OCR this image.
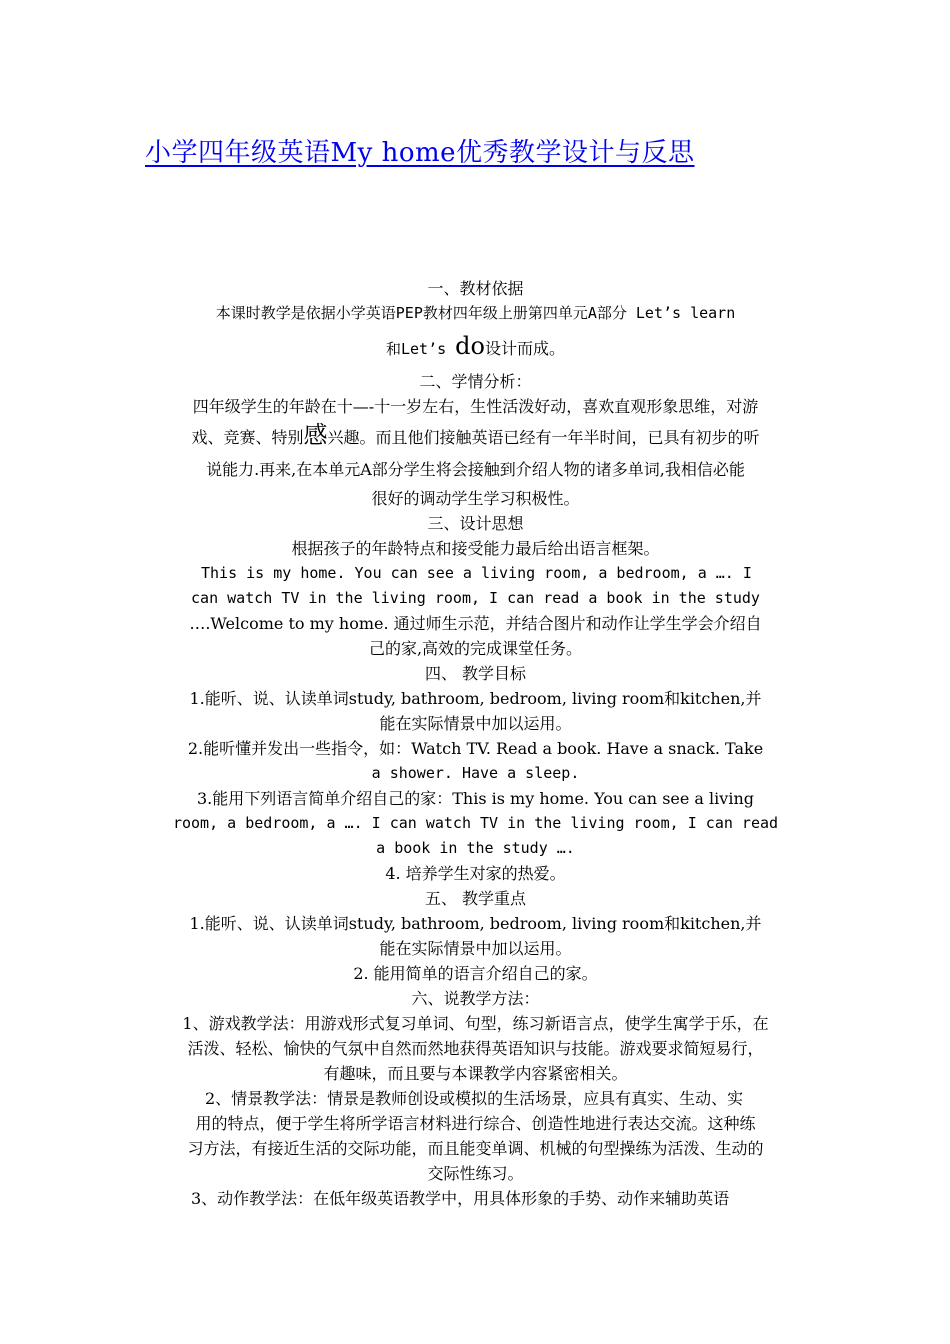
小学四年级英语My home优秀教学设计与反思

一、教材依据

本课时教学是依据小学英语PEP教材四年级上册第四单元A部分 Let’s learn

和Let’s do设计而成。

二、学情分析：

四年级学生的年龄在十—-十一岁左右，生性活泼好动，喜欢直观形象思维，对游

戏、竞赛、特别感兴趣。而且他们接触英语已经有一年半时间，已具有初步的听

说能力.再来,在本单元A部分学生将会接触到介绍人物的诸多单词,我相信必能

很好的调动学生学习积极性。

三、设计思想

根据孩子的年龄特点和接受能力最后给出语言框架。

This is my home. You can see a living room, a bedroom, a …. I

can watch TV in the living room, I can read a book in the study

….Welcome to my home. 通过师生示范，并结合图片和动作让学生学会介绍自

己的家,高效的完成课堂任务。

四、 教学目标

1.能听、说、认读单词study, bathroom, bedroom, living room和kitchen,并

能在实际情景中加以运用。

2.能听懂并发出一些指令，如：Watch TV. Read a book. Have a snack. Take

a shower. Have a sleep.

3.能用下列语言简单介绍自己的家：This is my home. You can see a living

room, a bedroom, a …. I can watch TV in the living room, I can read

a book in the study ….

4. 培养学生对家的热爱。

五、 教学重点

1.能听、说、认读单词study, bathroom, bedroom, living room和kitchen,并

能在实际情景中加以运用。

2. 能用简单的语言介绍自己的家。

六、说教学方法：

1、游戏教学法：用游戏形式复习单词、句型，练习新语言点，使学生寓学于乐，在

活泼、轻松、愉快的气氛中自然而然地获得英语知识与技能。游戏要求简短易行，

有趣味，而且要与本课教学内容紧密相关。

2、情景教学法：情景是教师创设或模拟的生活场景，应具有真实、生动、实

用的特点，便于学生将所学语言材料进行综合、创造性地进行表达交流。这种练

习方法，有接近生活的交际功能，而且能变单调、机械的句型操练为活泼、生动的

交际性练习。

3、动作教学法：在低年级英语教学中，用具体形象的手势、动作来辅助英语
